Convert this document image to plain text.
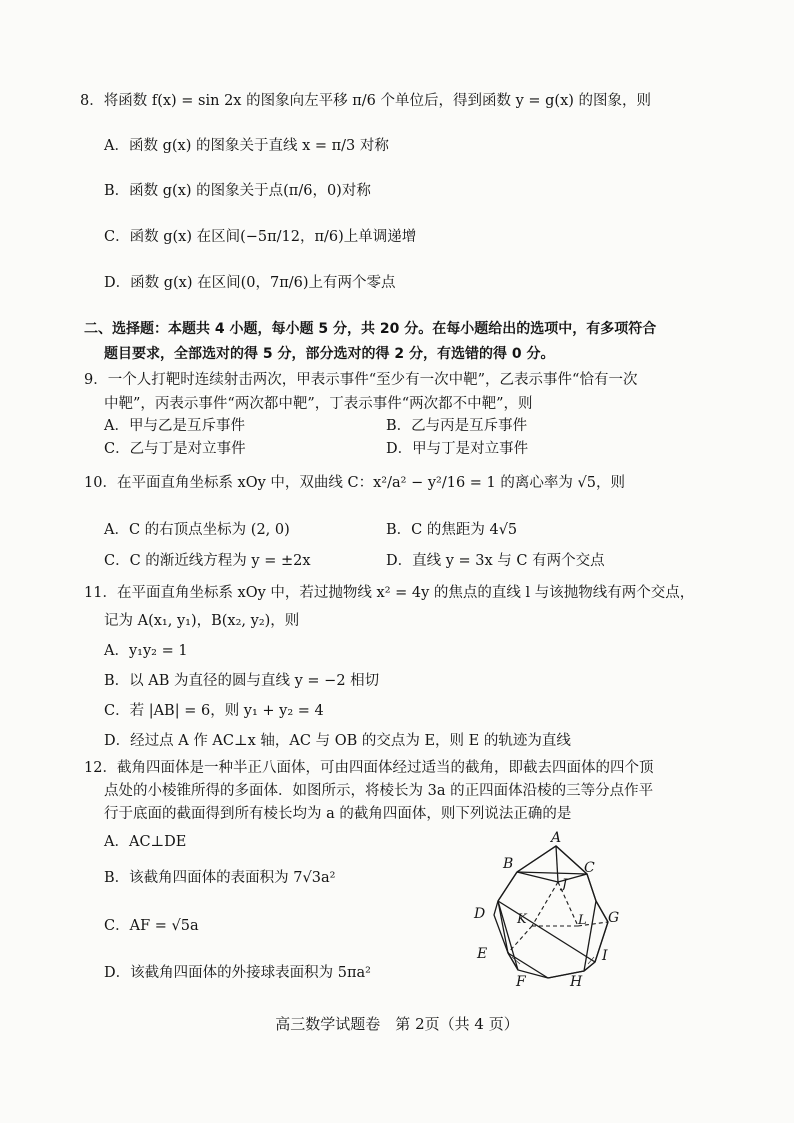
8．将函数 f(x) = sin 2x 的图象向左平移 π/6 个单位后，得到函数 y = g(x) 的图象，则
A．函数 g(x) 的图象关于直线 x = π/3 对称
B．函数 g(x) 的图象关于点(π/6，0)对称
C．函数 g(x) 在区间(−5π/12，π/6)上单调递增
D．函数 g(x) 在区间(0，7π/6)上有两个零点
二、选择题：本题共 4 小题，每小题 5 分，共 20 分。在每小题给出的选项中，有多项符合
题目要求，全部选对的得 5 分，部分选对的得 2 分，有选错的得 0 分。
9．一个人打靶时连续射击两次，甲表示事件“至少有一次中靶”，乙表示事件“恰有一次
中靶”，丙表示事件“两次都中靶”，丁表示事件“两次都不中靶”，则
A．甲与乙是互斥事件	B．乙与丙是互斥事件
C．乙与丁是对立事件	D．甲与丁是对立事件
10．在平面直角坐标系 xOy 中，双曲线 C：x²/a² − y²/16 = 1 的离心率为 √5，则
A．C 的右顶点坐标为 (2, 0)	B．C 的焦距为 4√5
C．C 的渐近线方程为 y = ±2x	D．直线 y = 3x 与 C 有两个交点
11．在平面直角坐标系 xOy 中，若过抛物线 x² = 4y 的焦点的直线 l 与该抛物线有两个交点，
记为 A(x₁, y₁)，B(x₂, y₂)，则
A．y₁y₂ = 1
B．以 AB 为直径的圆与直线 y = −2 相切
C．若 |AB| = 6，则 y₁ + y₂ = 4
D．经过点 A 作 AC⊥x 轴，AC 与 OB 的交点为 E，则 E 的轨迹为直线
12．截角四面体是一种半正八面体，可由四面体经过适当的截角，即截去四面体的四个顶
点处的小棱锥所得的多面体．如图所示，将棱长为 3a 的正四面体沿棱的三等分点作平
行于底面的截面得到所有棱长均为 a 的截角四面体，则下列说法正确的是
A．AC⊥DE
B．该截角四面体的表面积为 7√3a²
C．AF = √5a
D．该截角四面体的外接球表面积为 5πa²
A
B	C
J
D K	L G
E	I
F	H
高三数学试题卷　第 2页（共 4 页）
